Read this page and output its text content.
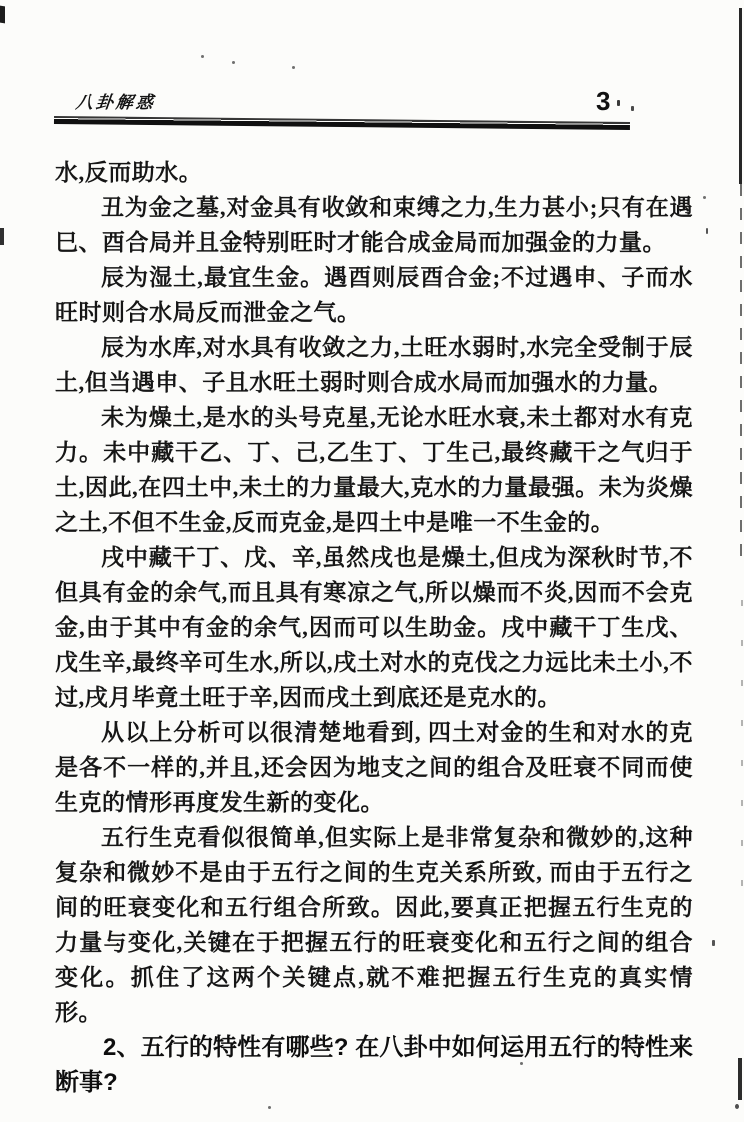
八卦解惑	3

水,反而助水。

丑为金之墓,对金具有收敛和束缚之力,生力甚小;只有在遇巳、酉合局并且金特别旺时才能合成金局而加强金的力量。

辰为湿土,最宜生金。遇酉则辰酉合金;不过遇申、子而水旺时则合水局反而泄金之气。

辰为水库,对水具有收敛之力,土旺水弱时,水完全受制于辰土,但当遇申、子且水旺土弱时则合成水局而加强水的力量。

未为燥土,是水的头号克星,无论水旺水衰,未土都对水有克力。未中藏干乙、丁、己,乙生丁、丁生己,最终藏干之气归于土,因此,在四土中,未土的力量最大,克水的力量最强。未为炎燥之土,不但不生金,反而克金,是四土中是唯一不生金的。

戌中藏干丁、戊、辛,虽然戌也是燥土,但戌为深秋时节,不但具有金的余气,而且具有寒凉之气,所以燥而不炎,因而不会克金,由于其中有金的余气,因而可以生助金。戌中藏干丁生戊、戊生辛,最终辛可生水,所以,戌土对水的克伐之力远比未土小,不过,戌月毕竟土旺于辛,因而戌土到底还是克水的。

从以上分析可以很清楚地看到, 四土对金的生和对水的克是各不一样的,并且,还会因为地支之间的组合及旺衰不同而使生克的情形再度发生新的变化。

五行生克看似很简单,但实际上是非常复杂和微妙的,这种复杂和微妙不是由于五行之间的生克关系所致, 而由于五行之间的旺衰变化和五行组合所致。因此,要真正把握五行生克的力量与变化,关键在于把握五行的旺衰变化和五行之间的组合变化。抓住了这两个关键点,就不难把握五行生克的真实情形。

2、五行的特性有哪些? 在八卦中如何运用五行的特性来断事?
